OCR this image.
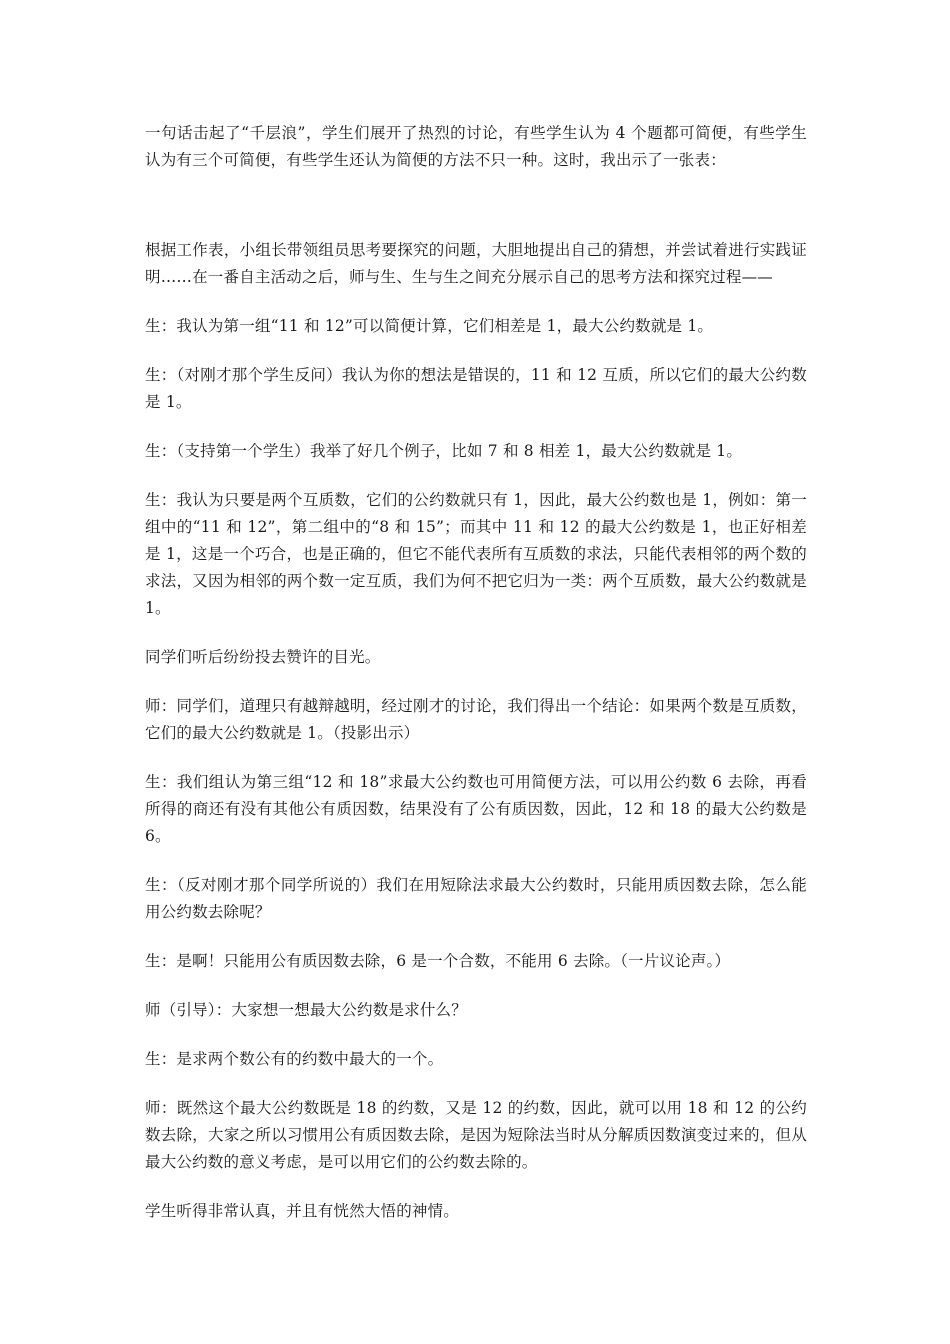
一句话击起了“千层浪”，学生们展开了热烈的讨论，有些学生认为 4 个题都可简便，有些学生认为有三个可简便，有些学生还认为简便的方法不只一种。这时，我出示了一张表：

根据工作表，小组长带领组员思考要探究的问题，大胆地提出自己的猜想，并尝试着进行实践证明……在一番自主活动之后，师与生、生与生之间充分展示自己的思考方法和探究过程——

生：我认为第一组“11 和 12”可以简便计算，它们相差是 1，最大公约数就是 1。

生：（对刚才那个学生反问）我认为你的想法是错误的，11 和 12 互质，所以它们的最大公约数是 1。

生：（支持第一个学生）我举了好几个例子，比如 7 和 8 相差 1，最大公约数就是 1。

生：我认为只要是两个互质数，它们的公约数就只有 1，因此，最大公约数也是 1，例如：第一组中的“11 和 12”，第二组中的“8 和 15”；而其中 11 和 12 的最大公约数是 1，也正好相差是 1，这是一个巧合，也是正确的，但它不能代表所有互质数的求法，只能代表相邻的两个数的求法，又因为相邻的两个数一定互质，我们为何不把它归为一类：两个互质数，最大公约数就是 1。

同学们听后纷纷投去赞许的目光。

师：同学们，道理只有越辩越明，经过刚才的讨论，我们得出一个结论：如果两个数是互质数，它们的最大公约数就是 1。（投影出示）

生：我们组认为第三组“12 和 18”求最大公约数也可用简便方法，可以用公约数 6 去除，再看所得的商还有没有其他公有质因数，结果没有了公有质因数，因此，12 和 18 的最大公约数是 6。

生：（反对刚才那个同学所说的）我们在用短除法求最大公约数时，只能用质因数去除，怎么能用公约数去除呢？

生：是啊！只能用公有质因数去除，6 是一个合数，不能用 6 去除。（一片议论声。）

师（引导）：大家想一想最大公约数是求什么？

生：是求两个数公有的约数中最大的一个。

师：既然这个最大公约数既是 18 的约数，又是 12 的约数，因此，就可以用 18 和 12 的公约数去除，大家之所以习惯用公有质因数去除，是因为短除法当时从分解质因数演变过来的，但从最大公约数的意义考虑，是可以用它们的公约数去除的。

学生听得非常认真，并且有恍然大悟的神情。
